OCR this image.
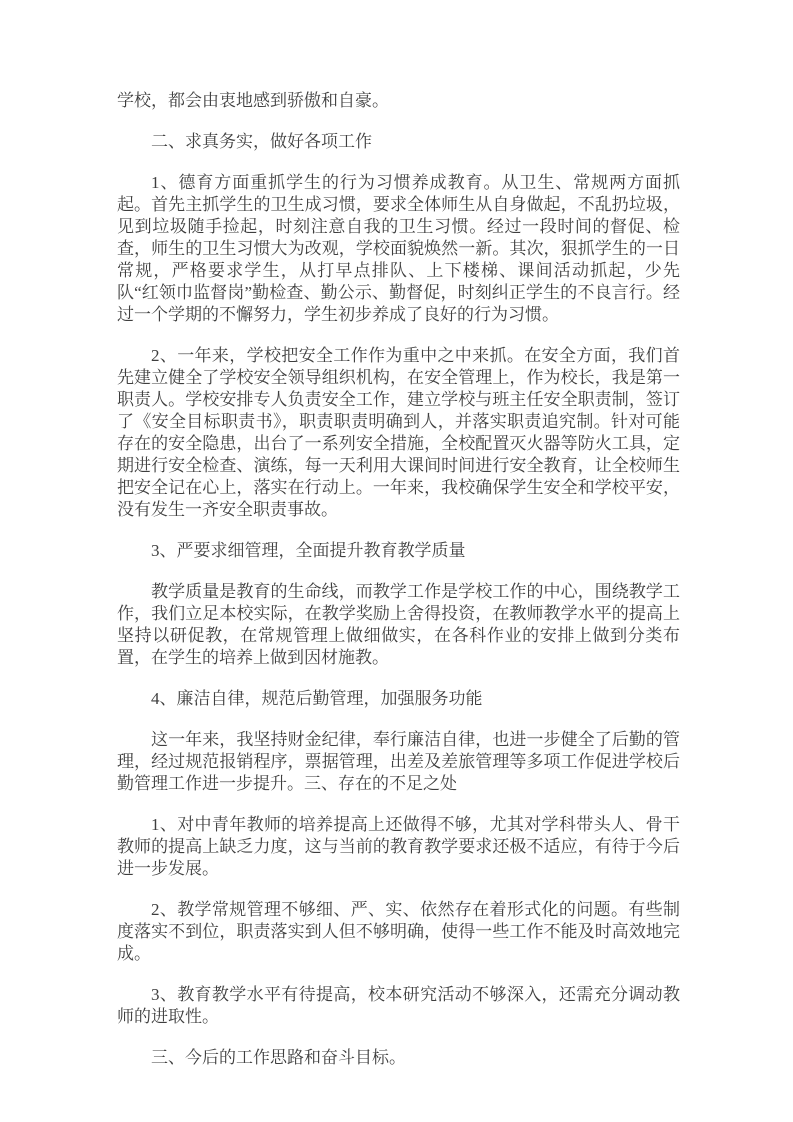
学校，都会由衷地感到骄傲和自豪。

二、求真务实，做好各项工作

1、德育方面重抓学生的行为习惯养成教育。从卫生、常规两方面抓起。首先主抓学生的卫生成习惯，要求全体师生从自身做起，不乱扔垃圾，见到垃圾随手捡起，时刻注意自我的卫生习惯。经过一段时间的督促、检查，师生的卫生习惯大为改观，学校面貌焕然一新。其次，狠抓学生的一日常规，严格要求学生，从打早点排队、上下楼梯、课间活动抓起，少先队“红领巾监督岗”勤检查、勤公示、勤督促，时刻纠正学生的不良言行。经过一个学期的不懈努力，学生初步养成了良好的行为习惯。

2、一年来，学校把安全工作作为重中之中来抓。在安全方面，我们首先建立健全了学校安全领导组织机构，在安全管理上，作为校长，我是第一职责人。学校安排专人负责安全工作，建立学校与班主任安全职责制，签订了《安全目标职责书》，职责职责明确到人，并落实职责追究制。针对可能存在的安全隐患，出台了一系列安全措施，全校配置灭火器等防火工具，定期进行安全检查、演练，每一天利用大课间时间进行安全教育，让全校师生把安全记在心上，落实在行动上。一年来，我校确保学生安全和学校平安，没有发生一齐安全职责事故。

3、严要求细管理，全面提升教育教学质量

教学质量是教育的生命线，而教学工作是学校工作的中心，围绕教学工作，我们立足本校实际，在教学奖励上舍得投资，在教师教学水平的提高上坚持以研促教，在常规管理上做细做实，在各科作业的安排上做到分类布置，在学生的培养上做到因材施教。

4、廉洁自律，规范后勤管理，加强服务功能

这一年来，我坚持财金纪律，奉行廉洁自律，也进一步健全了后勤的管理，经过规范报销程序，票据管理，出差及差旅管理等多项工作促进学校后勤管理工作进一步提升。三、存在的不足之处

1、对中青年教师的培养提高上还做得不够，尤其对学科带头人、骨干教师的提高上缺乏力度，这与当前的教育教学要求还极不适应，有待于今后进一步发展。

2、教学常规管理不够细、严、实、依然存在着形式化的问题。有些制度落实不到位，职责落实到人但不够明确，使得一些工作不能及时高效地完成。

3、教育教学水平有待提高，校本研究活动不够深入，还需充分调动教师的进取性。

三、今后的工作思路和奋斗目标。
